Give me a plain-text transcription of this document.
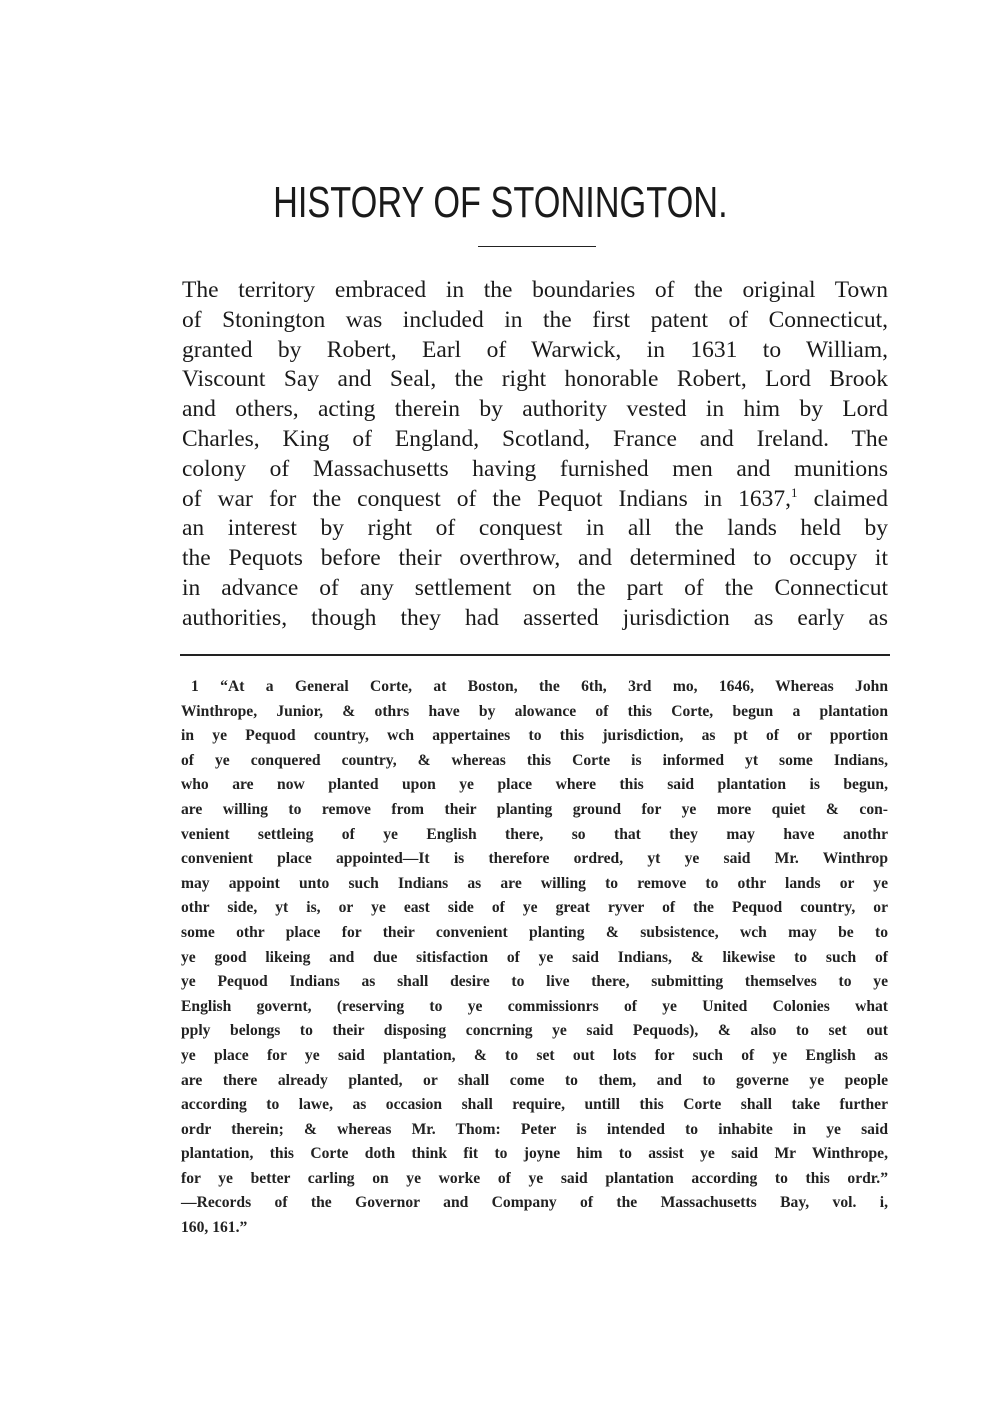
HISTORY OF STONINGTON.
The territory embraced in the boundaries of the original Town
of Stonington was included in the first patent of Connecticut,
granted by Robert, Earl of Warwick, in 1631 to William,
Viscount Say and Seal, the right honorable Robert, Lord Brook
and others, acting therein by authority vested in him by Lord
Charles, King of England, Scotland, France and Ireland. The
colony of Massachusetts having furnished men and munitions
of war for the conquest of the Pequot Indians in 1637,$^1$ claimed
an interest by right of conquest in all the lands held by
the Pequots before their overthrow, and determined to occupy it
in advance of any settlement on the part of the Connecticut
authorities, though they had asserted jurisdiction as early as
1 “At a General Corte, at Boston, the 6th, 3rd mo, 1646, Whereas John
Winthrope, Junior, & othrs have by alowance of this Corte, begun a plantation
in ye Pequod country, wch appertaines to this jurisdiction, as pt of or pportion
of ye conquered country, & whereas this Corte is informed yt some Indians,
who are now planted upon ye place where this said plantation is begun,
are willing to remove from their planting ground for ye more quiet & con-
venient settleing of ye English there, so that they may have anothr
convenient place appointed—It is therefore ordred, yt ye said Mr. Winthrop
may appoint unto such Indians as are willing to remove to othr lands or ye
othr side, yt is, or ye east side of ye great ryver of the Pequod country, or
some othr place for their convenient planting & subsistence, wch may be to
ye good likeing and due sitisfaction of ye said Indians, & likewise to such of
ye Pequod Indians as shall desire to live there, submitting themselves to ye
English governt, (reserving to ye commissionrs of ye United Colonies what
pply belongs to their disposing concrning ye said Pequods), & also to set out
ye place for ye said plantation, & to set out lots for such of ye English as
are there already planted, or shall come to them, and to governe ye people
according to lawe, as occasion shall require, untill this Corte shall take further
ordr therein; & whereas Mr. Thom: Peter is intended to inhabite in ye said
plantation, this Corte doth think fit to joyne him to assist ye said Mr Winthrope,
for ye better carling on ye worke of ye said plantation according to this ordr.”
—Records of the Governor and Company of the Massachusetts Bay, vol. i,
160, 161.”
